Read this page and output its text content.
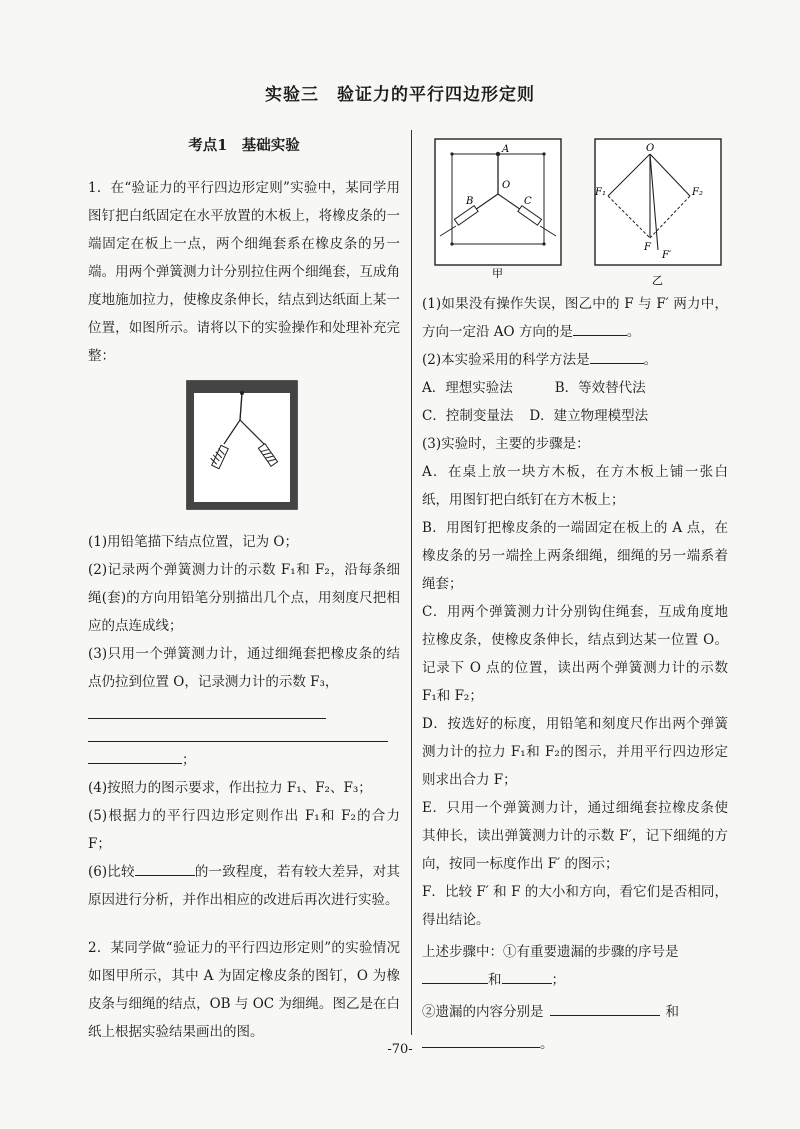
实验三　验证力的平行四边形定则
考点1　基础实验

1．在“验证力的平行四边形定则”实验中，某同学用图钉把白纸固定在水平放置的木板上，将橡皮条的一端固定在板上一点，两个细绳套系在橡皮条的另一端。用两个弹簧测力计分别拉住两个细绳套，互成角度地施加拉力，使橡皮条伸长，结点到达纸面上某一位置，如图所示。请将以下的实验操作和处理补充完整：

(1)用铅笔描下结点位置，记为 O；

(2)记录两个弹簧测力计的示数 F₁和 F₂，沿每条细绳(套)的方向用铅笔分别描出几个点，用刻度尺把相应的点连成线；

(3)只用一个弹簧测力计，通过细绳套把橡皮条的结点仍拉到位置 O，记录测力计的示数 F₃，

；

(4)按照力的图示要求，作出拉力 F₁、F₂、F₃；

(5)根据力的平行四边形定则作出 F₁和 F₂的合力 F；

(6)比较	的一致程度，若有较大差异，对其原因进行分析，并作出相应的改进后再次进行实验。

2．某同学做“验证力的平行四边形定则”的实验情况如图甲所示，其中 A 为固定橡皮条的图钉，O 为橡皮条与细绳的结点，OB 与 OC 为细绳。图乙是在白纸上根据实验结果画出的图。

A
O
B	C
甲
O
F₁	F₂
F
F′
乙

(1)如果没有操作失误，图乙中的 F 与 F′ 两力中，方向一定沿 AO 方向的是	。

(2)本实验采用的科学方法是	。

A．理想实验法	B．等效替代法

C．控制变量法 D．建立物理模型法

(3)实验时，主要的步骤是：

A．在桌上放一块方木板，在方木板上铺一张白纸，用图钉把白纸钉在方木板上；

B．用图钉把橡皮条的一端固定在板上的 A 点，在橡皮条的另一端拴上两条细绳，细绳的另一端系着绳套；

C．用两个弹簧测力计分别钩住绳套，互成角度地拉橡皮条，使橡皮条伸长，结点到达某一位置 O。记录下 O 点的位置，读出两个弹簧测力计的示数 F₁和 F₂；

D．按选好的标度，用铅笔和刻度尺作出两个弹簧测力计的拉力 F₁和 F₂的图示，并用平行四边形定则求出合力 F；

E．只用一个弹簧测力计，通过细绳套拉橡皮条使其伸长，读出弹簧测力计的示数 F′，记下细绳的方向，按同一标度作出 F′ 的图示；

F．比较 F′ 和 F 的大小和方向，看它们是否相同，得出结论。

上述步骤中：①有重要遗漏的步骤的序号是

和	；

②遗漏的内容分别是	和

。

-70-
